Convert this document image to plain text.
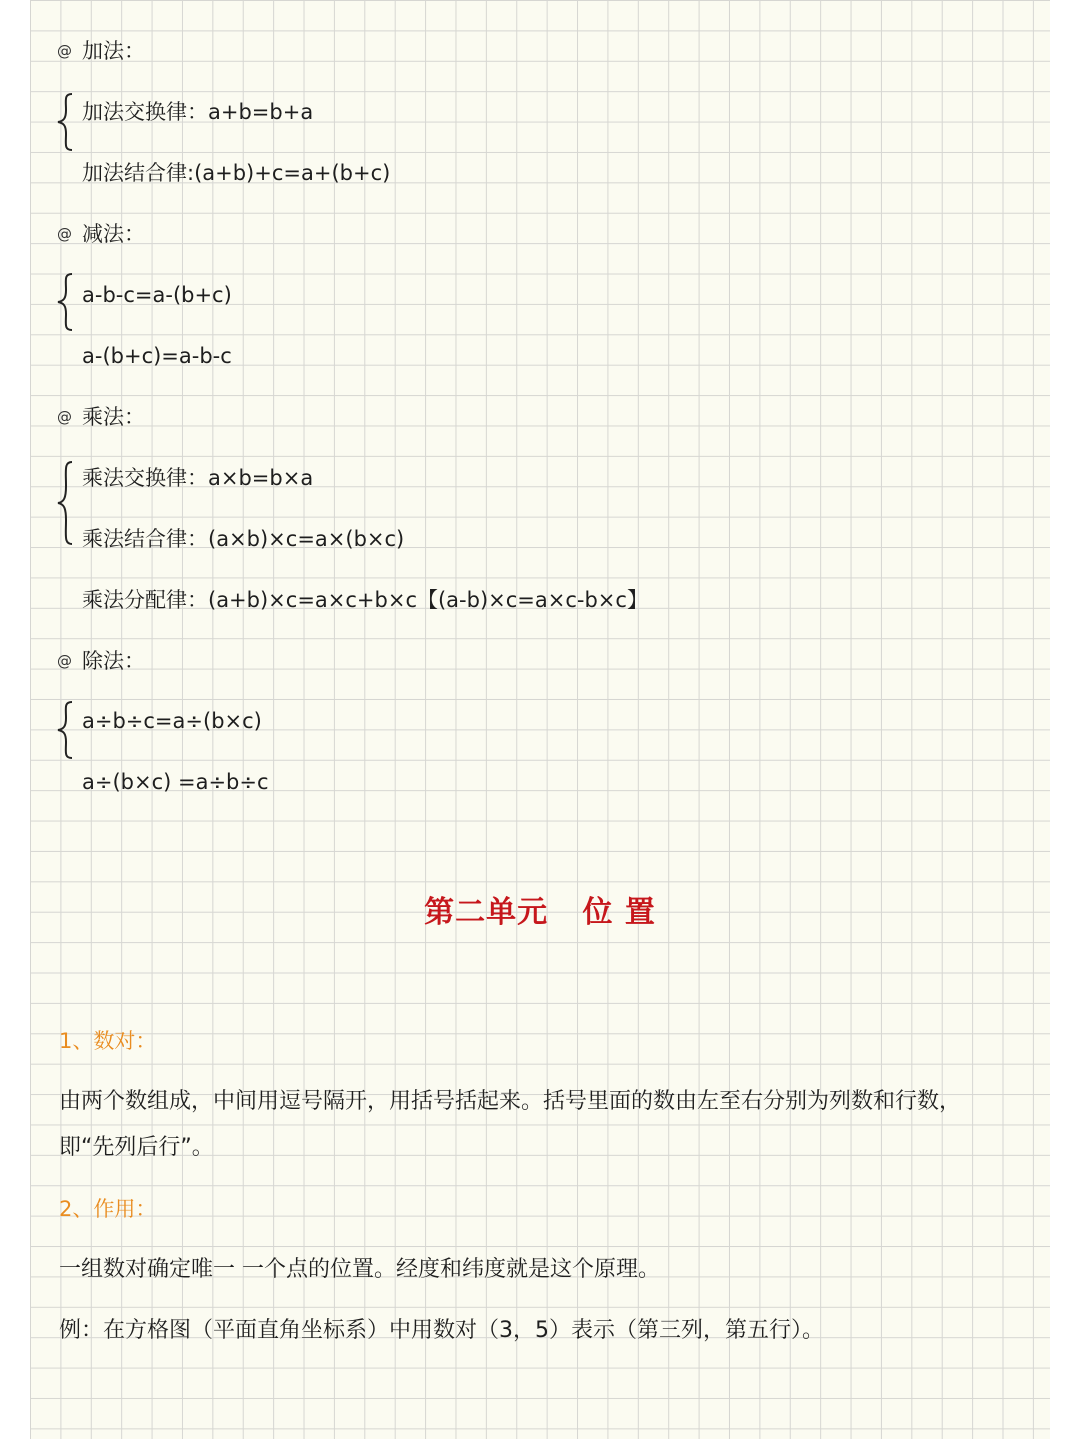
@ 加法：
加法交换律：a+b=b+a
加法结合律:(a+b)+c=a+(b+c)
@ 减法：
a-b-c=a-(b+c)
a-(b+c)=a-b-c
@ 乘法：
乘法交换律：a×b=b×a
乘法结合律：(a×b)×c=a×(b×c)
乘法分配律：(a+b)×c=a×c+b×c【(a-b)×c=a×c-b×c】
@ 除法：
a÷b÷c=a÷(b×c)
a÷(b×c) =a÷b÷c
第二单元   位 置
1、数对：
由两个数组成，中间用逗号隔开，用括号括起来。括号里面的数由左至右分别为列数和行数，
即“先列后行”。
2、作用：
一组数对确定唯一 一个点的位置。经度和纬度就是这个原理。
例：在方格图（平面直角坐标系）中用数对（3，5）表示（第三列，第五行）。
